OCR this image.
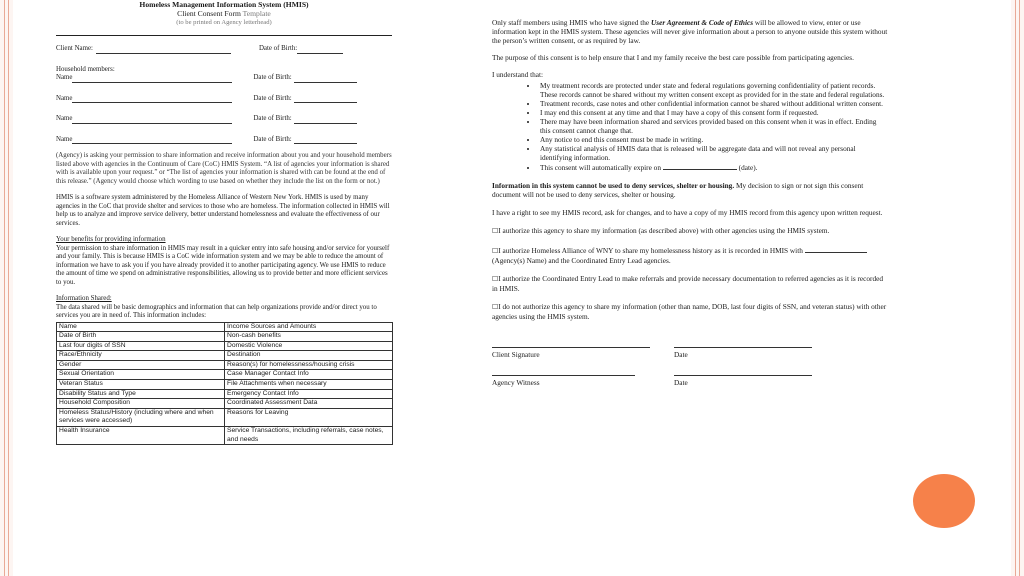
Homeless Management Information System (HMIS)
Client Consent Form Template
(to be printed on Agency letterhead)
Client Name:	Date of Birth:
Household members:
Name	Date of Birth:
Name	Date of Birth:
Name	Date of Birth:
Name	Date of Birth:

(Agency) is asking your permission to share information and receive information about you and your household members listed above with agencies in the Continuum of Care (CoC) HMIS System. “A list of agencies your information is shared with is available upon your request.” or “The list of agencies your information is shared with can be found at the end of this release.” (Agency would choose which wording to use based on whether they include the list on the form or not.)

HMIS is a software system administered by the Homeless Alliance of Western New York. HMIS is used by many agencies in the CoC that provide shelter and services to those who are homeless. The information collected in HMIS will help us to analyze and improve service delivery, better understand homelessness and evaluate the effectiveness of our services.

Your benefits for providing information

Your permission to share information in HMIS may result in a quicker entry into safe housing and/or service for yourself and your family. This is because HMIS is a CoC wide information system and we may be able to reduce the amount of information we have to ask you if you have already provided it to another participating agency. We use HMIS to reduce the amount of time we spend on administrative responsibilities, allowing us to provide better and more efficient services to you.

Information Shared:

The data shared will be basic demographics and information that can help organizations provide and/or direct you to services you are in need of. This information includes:

Name	Income Sources and Amounts
Date of Birth	Non-cash benefits
Last four digits of SSN	Domestic Violence
Race/Ethnicity	Destination
Gender	Reason(s) for homelessness/housing crisis
Sexual Orientation	Case Manager Contact Info
Veteran Status	File Attachments when necessary
Disability Status and Type	Emergency Contact Info
Household Composition	Coordinated Assessment Data
Homeless Status/History (including where and when services were accessed)	Reasons for Leaving
Health Insurance	Service Transactions, including referrals, case notes, and needs

Only staff members using HMIS who have signed the User Agreement & Code of Ethics will be allowed to view, enter or use information kept in the HMIS system. These agencies will never give information about a person to anyone outside this system without the person’s written consent, or as required by law.

The purpose of this consent is to help ensure that I and my family receive the best care possible from participating agencies.

I understand that:

• My treatment records are protected under state and federal regulations governing confidentiality of patient records. These records cannot be shared without my written consent except as provided for in the state and federal regulations.
• Treatment records, case notes and other confidential information cannot be shared without additional written consent.
• I may end this consent at any time and that I may have a copy of this consent form if requested.
• There may have been information shared and services provided based on this consent when it was in effect. Ending this consent cannot change that.
• Any notice to end this consent must be made in writing.
• Any statistical analysis of HMIS data that is released will be aggregate data and will not reveal any personal identifying information.
• This consent will automatically expire on	(date).

Information in this system cannot be used to deny services, shelter or housing. My decision to sign or not sign this consent document will not be used to deny services, shelter or housing.

I have a right to see my HMIS record, ask for changes, and to have a copy of my HMIS record from this agency upon written request.

☐I authorize this agency to share my information (as described above) with other agencies using the HMIS system.

☐I authorize Homeless Alliance of WNY to share my homelessness history as it is recorded in HMIS with (Agency(s) Name) and the Coordinated Entry Lead agencies.

☐I authorize the Coordinated Entry Lead to make referrals and provide necessary documentation to referred agencies as it is recorded in HMIS.

☐I do not authorize this agency to share my information (other than name, DOB, last four digits of SSN, and veteran status) with other agencies using the HMIS system.

Client Signature	Date
Agency Witness	Date
